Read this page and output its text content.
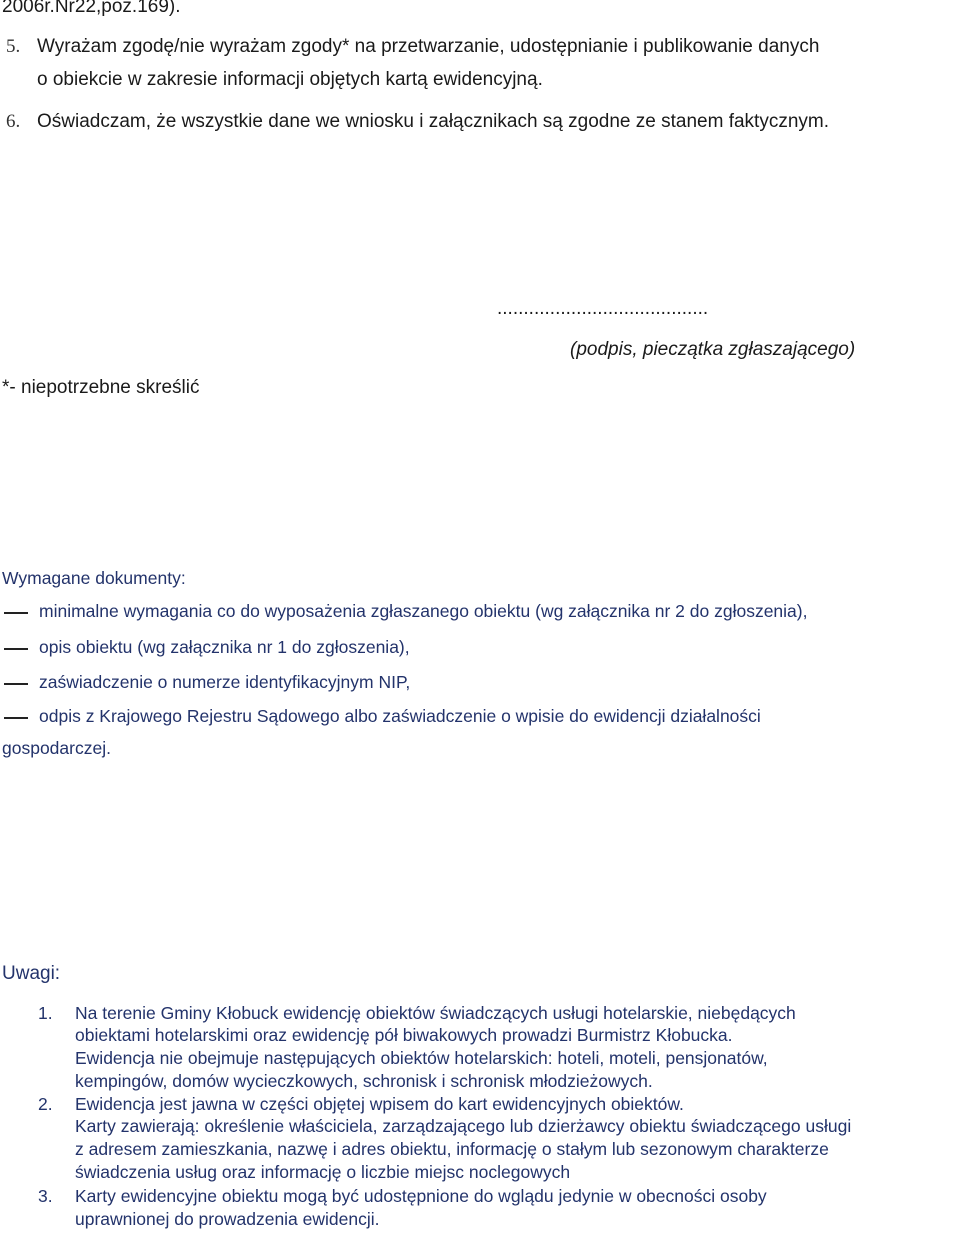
2006r.Nr22,poz.169).
5. Wyrażam zgodę/nie wyrażam zgody* na przetwarzanie, udostępnianie i publikowanie danych
o obiekcie w zakresie informacji objętych kartą ewidencyjną.
6. Oświadczam, że wszystkie dane we wniosku i załącznikach są zgodne ze stanem faktycznym.
........................................
(podpis, pieczątka zgłaszającego)
*- niepotrzebne skreślić
Wymagane dokumenty:
minimalne wymagania co do wyposażenia zgłaszanego obiektu (wg załącznika nr 2 do zgłoszenia),
opis obiektu (wg załącznika nr 1 do zgłoszenia),
zaświadczenie o numerze identyfikacyjnym NIP,
odpis z Krajowego Rejestru Sądowego albo zaświadczenie o wpisie do ewidencji działalności
gospodarczej.
Uwagi:
1. Na terenie Gminy Kłobuck ewidencję obiektów świadczących usługi hotelarskie, niebędących
obiektami hotelarskimi oraz ewidencję pół biwakowych prowadzi Burmistrz Kłobucka.
Ewidencja nie obejmuje następujących obiektów hotelarskich: hoteli, moteli, pensjonatów,
kempingów, domów wycieczkowych, schronisk i schronisk młodzieżowych.
2. Ewidencja jest jawna w części objętej wpisem do kart ewidencyjnych obiektów.
Karty zawierają: określenie właściciela, zarządzającego lub dzierżawcy obiektu świadczącego usługi
z adresem zamieszkania, nazwę i adres obiektu, informację o stałym lub sezonowym charakterze
świadczenia usług oraz informację o liczbie miejsc noclegowych
3. Karty ewidencyjne obiektu mogą być udostępnione do wglądu jedynie w obecności osoby
uprawnionej do prowadzenia ewidencji.
